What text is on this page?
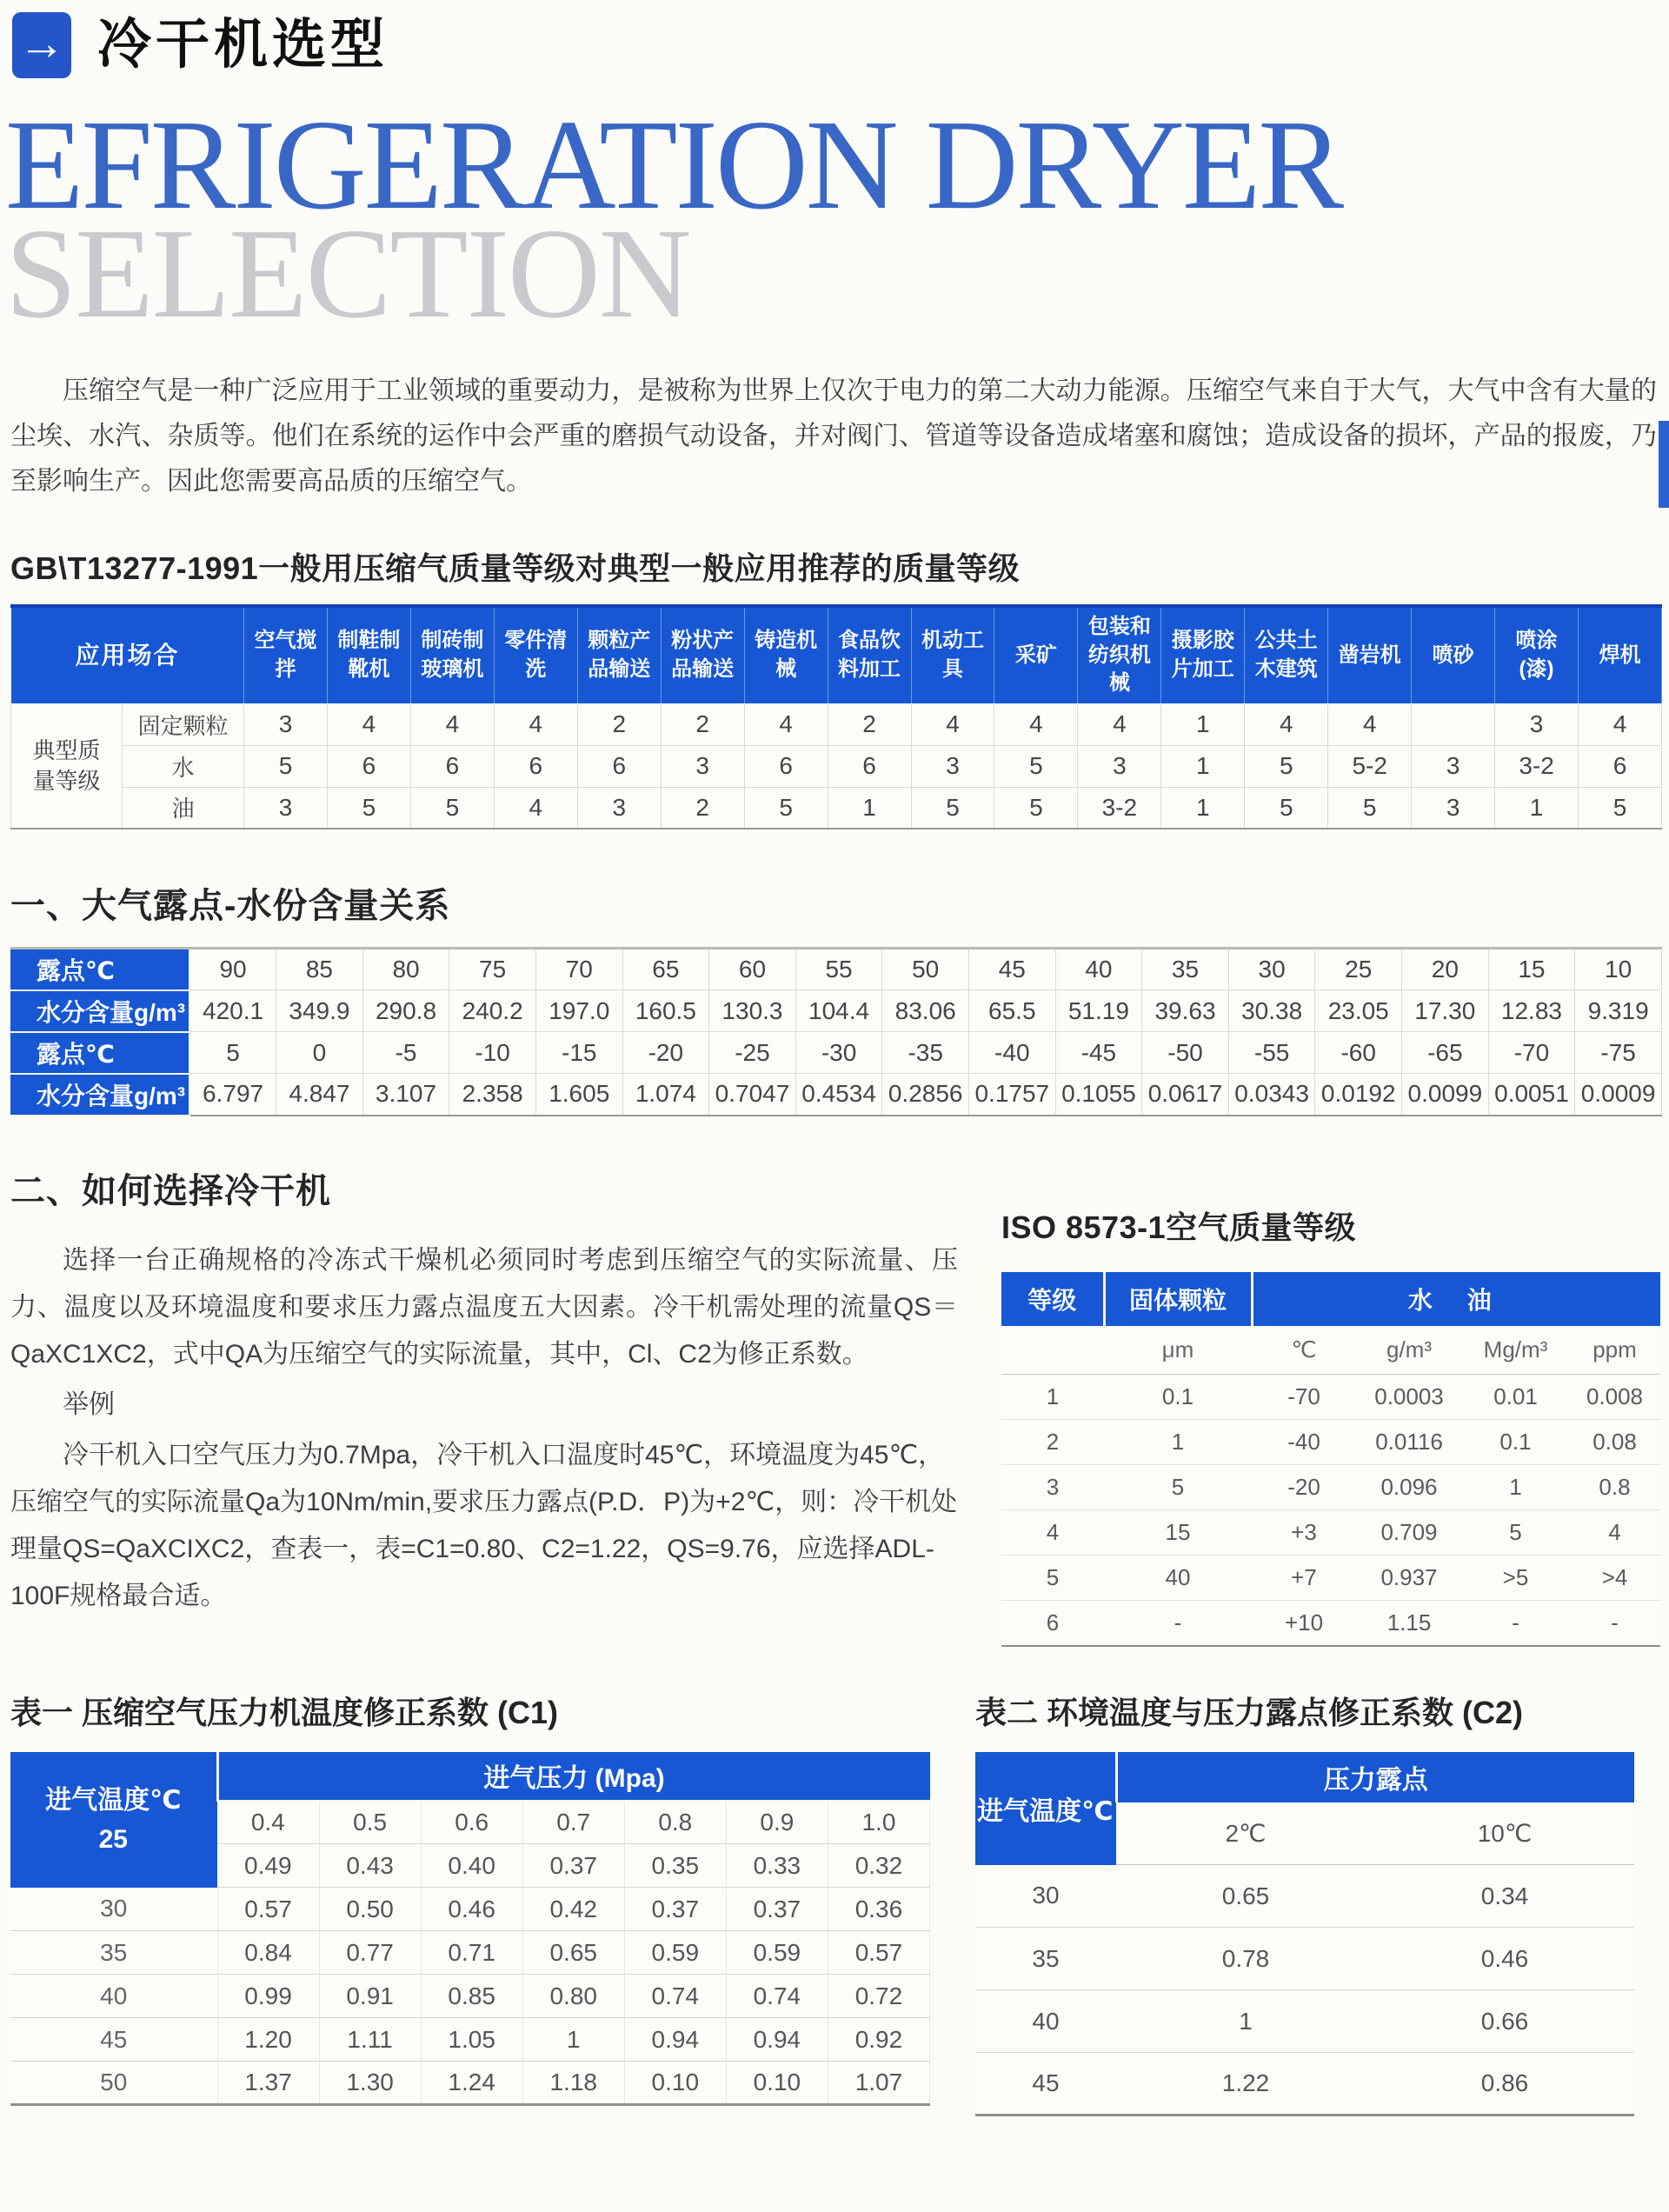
→ 冷干机选型
EFRIGERATION DRYER
SELECTION

压缩空气是一种广泛应用于工业领域的重要动力，是被称为世界上仅次于电力的第二大动力能源。压缩空气来自于大气，大气中含有大量的尘埃、水汽、杂质等。他们在系统的运作中会严重的磨损气动设备，并对阀门、管道等设备造成堵塞和腐蚀；造成设备的损坏，产品的报废，乃至影响生产。因此您需要高品质的压缩空气。

GB\T13277-1991一般用压缩气质量等级对典型一般应用推荐的质量等级
应用场合		空气搅拌	制鞋制靴机	制砖制玻璃机	零件清洗	颗粒产品输送	粉状产品输送	铸造机械	食品饮料加工	机动工具	采矿	包装和纺织机械	摄影胶片加工	公共土木建筑	凿岩机	喷砂	喷涂(漆)	焊机
典型质量等级	固定颗粒	3	4	4	4	2	2	4	2	4	4	4	1	4	4		3	4
	水	5	6	6	6	6	3	6	6	3	5	3	1	5	5-2	3	3-2	6
	油	3	5	5	4	3	2	5	1	5	5	3-2	1	5	5	3	1	5
一、大气露点-水份含量关系
露点℃	90	85	80	75	70	65	60	55	50	45	40	35	30	25	20	15	10
水分含量g/m³	420.1	349.9	290.8	240.2	197.0	160.5	130.3	104.4	83.06	65.5	51.19	39.63	30.38	23.05	17.30	12.83	9.319
露点℃	5	0	-5	-10	-15	-20	-25	-30	-35	-40	-45	-50	-55	-60	-65	-70	-75
水分含量g/m³	6.797	4.847	3.107	2.358	1.605	1.074	0.7047	0.4534	0.2856	0.1757	0.1055	0.0617	0.0343	0.0192	0.0099	0.0051	0.0009
二、如何选择冷干机

选择一台正确规格的冷冻式干燥机必须同时考虑到压缩空气的实际流量、压力、温度以及环境温度和要求压力露点温度五大因素。冷干机需处理的流量QS＝QaXC1XC2，式中QA为压缩空气的实际流量，其中，Cl、C2为修正系数。

举例

冷干机入口空气压力为0.7Mpa，冷干机入口温度时45℃，环境温度为45℃，压缩空气的实际流量Qa为10Nm/min,要求压力露点(P.D．P)为+2℃，则：冷干机处理量QS=QaXCIXC2，查表一，表=C1=0.80、C2=1.22，QS=9.76，应选择ADL-100F规格最合适。

ISO 8573-1空气质量等级
等级	固体颗粒	水 油			
	μm	℃	g/m³	Mg/m³	ppm
1	0.1	-70	0.0003	0.01	0.008
2	1	-40	0.0116	0.1	0.08
3	5	-20	0.096	1	0.8
4	15	+3	0.709	5	4
5	40	+7	0.937	>5	>4
6	-	+10	1.15	-	-
表一 压缩空气压力机温度修正系数 (C1)
进气温度℃
25	进气压力 (Mpa)						
	0.4	0.5	0.6	0.7	0.8	0.9	1.0
	0.49	0.43	0.40	0.37	0.35	0.33	0.32
30	0.57	0.50	0.46	0.42	0.37	0.37	0.36
35	0.84	0.77	0.71	0.65	0.59	0.59	0.57
40	0.99	0.91	0.85	0.80	0.74	0.74	0.72
45	1.20	1.11	1.05	1	0.94	0.94	0.92
50	1.37	1.30	1.24	1.18	0.10	0.10	1.07
表二 环境温度与压力露点修正系数 (C2)
进气温度℃	压力露点	
	2℃	10℃
30	0.65	0.34
35	0.78	0.46
40	1	0.66
45	1.22	0.86
